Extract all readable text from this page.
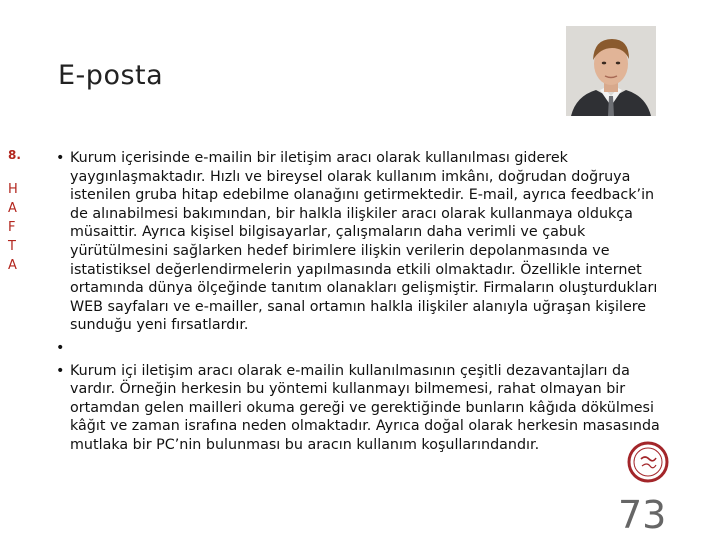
E-posta
8.
H
A
F
T
A
• Kurum içerisinde e-mailin bir iletişim aracı olarak kullanılması giderek yaygınlaşmaktadır. Hızlı ve bireysel olarak kullanım imkânı, doğrudan doğruya istenilen gruba hitap edebilme olanağını getirmektedir. E-mail, ayrıca feedback’in de alınabilmesi bakımından, bir halkla ilişkiler aracı olarak kullanmaya oldukça müsaittir. Ayrıca kişisel bilgisayarlar, çalışmaların daha verimli ve çabuk yürütülmesini sağlarken hedef birimlere ilişkin verilerin depolanmasında ve istatistiksel değerlendirmelerin yapılmasında etkili olmaktadır. Özellikle internet ortamında dünya ölçeğinde tanıtım olanakları gelişmiştir. Firmaların oluşturdukları WEB sayfaları ve e-mailler, sanal ortamın halkla ilişkiler alanıyla uğraşan kişilere sunduğu yeni fırsatlardır.
•
• Kurum içi iletişim aracı olarak e-mailin kullanılmasının çeşitli dezavantajları da vardır. Örneğin herkesin bu yöntemi kullanmayı bilmemesi, rahat olmayan bir ortamdan gelen mailleri okuma gereği ve gerektiğinde bunların kâğıda dökülmesi kâğıt ve zaman israfına neden olmaktadır. Ayrıca doğal olarak herkesin masasında mutlaka bir PC’nin bulunması bu aracın kullanım koşullarındandır.
73
